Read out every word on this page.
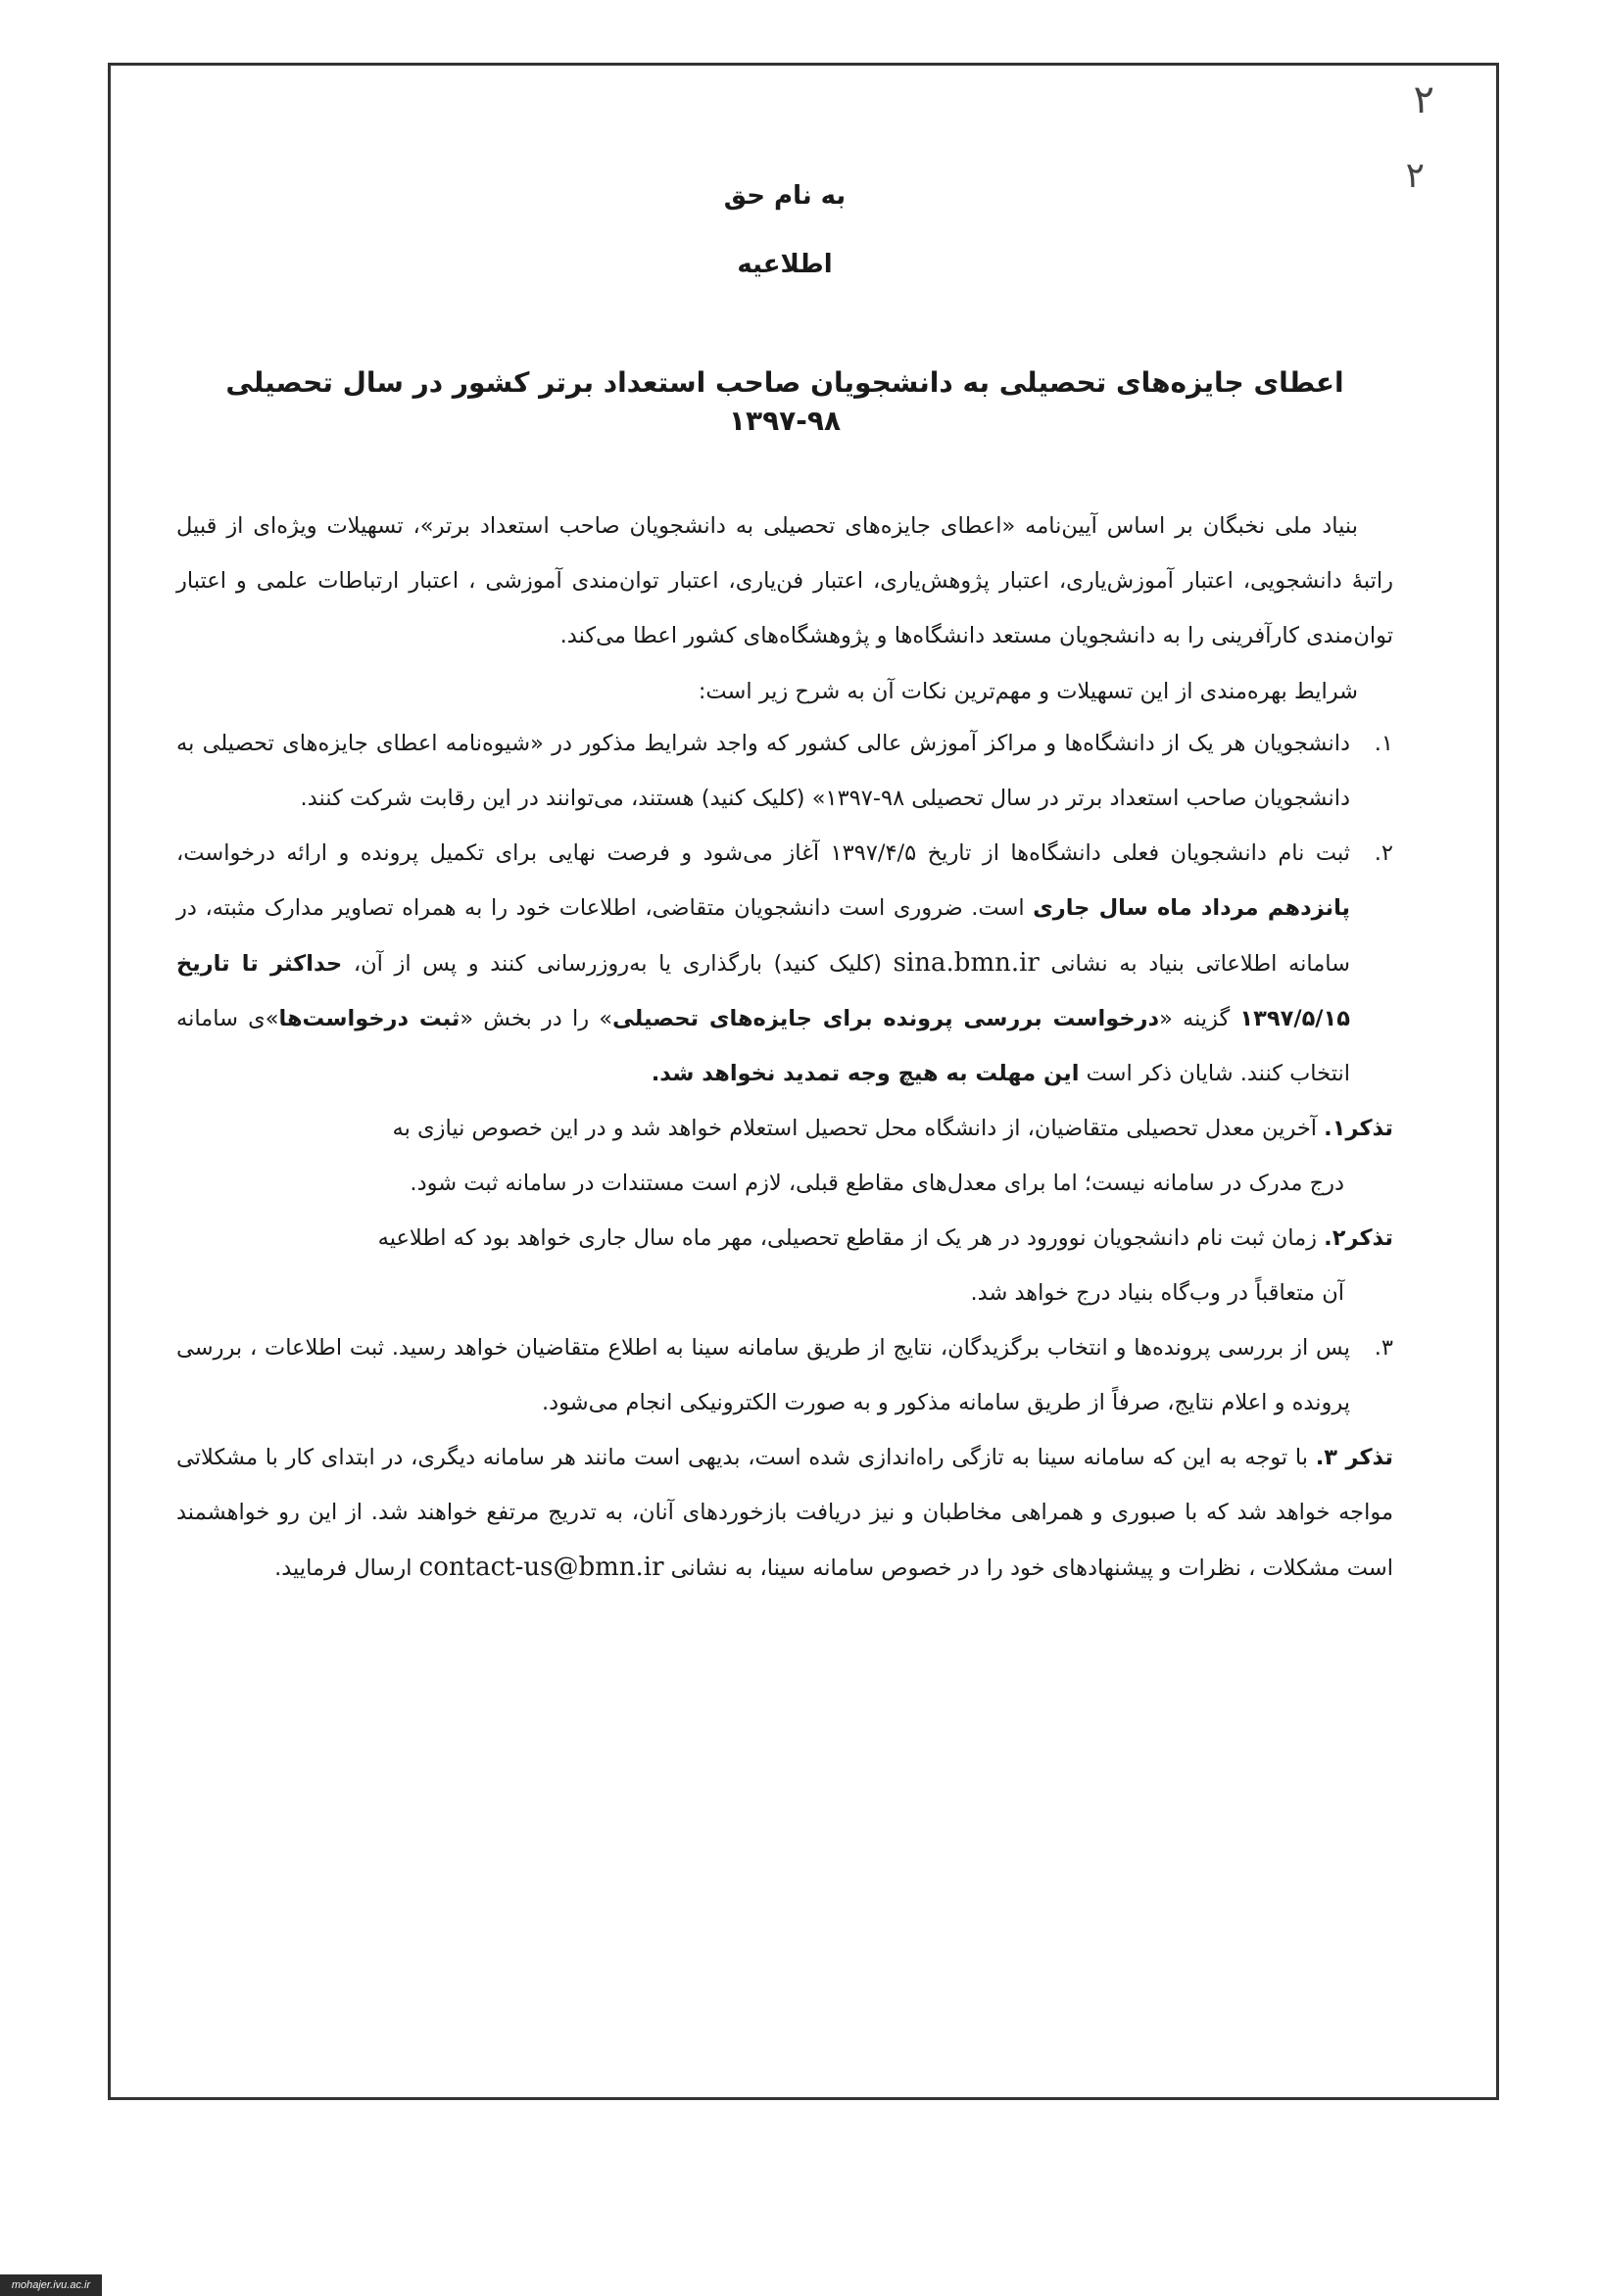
۲
۲

به نام حق

اطلاعیه

اعطای جایزه‌های تحصیلی به دانشجویان صاحب استعداد برتر کشور در سال تحصیلی ۹۸-۱۳۹۷

بنیاد ملی نخبگان بر اساس آیین‌نامه «اعطای جایزه‌های تحصیلی به دانشجویان صاحب استعداد برتر»، تسهیلات ویژه‌ای از قبیل راتبهٔ دانشجویی، اعتبار آموزش‌یاری، اعتبار پژوهش‌یاری، اعتبار فن‌یاری، اعتبار توان‌مندی آموزشی ، اعتبار ارتباطات علمی و اعتبار توان‌مندی کارآفرینی را به دانشجویان مستعد دانشگاه‌ها و پژوهشگاه‌های کشور اعطا می‌کند.

شرایط بهره‌مندی از این تسهیلات و مهم‌ترین نکات آن به شرح زیر است:

۱.
دانشجویان هر یک از دانشگاه‌ها و مراکز آموزش عالی کشور که واجد شرایط مذکور در «شیوه‌نامه اعطای جایزه‌های تحصیلی به دانشجویان صاحب استعداد برتر در سال تحصیلی ۹۸-۱۳۹۷» (کلیک کنید) هستند، می‌توانند در این رقابت شرکت کنند.
۲.
ثبت نام دانشجویان فعلی دانشگاه‌ها از تاریخ ۱۳۹۷/۴/۵ آغاز می‌شود و فرصت نهایی برای تکمیل پرونده و ارائه درخواست، پانزدهم مرداد ماه سال جاری است. ضروری است دانشجویان متقاضی، اطلاعات خود را به همراه تصاویر مدارک مثبته، در سامانه اطلاعاتی بنیاد به نشانی sina.bmn.ir (کلیک کنید) بارگذاری یا به‌روزرسانی کنند و پس از آن، حداکثر تا تاریخ ۱۳۹۷/۵/۱۵ گزینه «درخواست بررسی پرونده برای جایزه‌های تحصیلی» را در بخش «ثبت درخواست‌ها»ی سامانه انتخاب کنند. شایان ذکر است این مهلت به هیچ وجه تمدید نخواهد شد.

تذکر۱. آخرین معدل تحصیلی متقاضیان، از دانشگاه محل تحصیل استعلام خواهد شد و در این خصوص نیازی به
درج مدرک در سامانه نیست؛ اما برای معدل‌های مقاطع قبلی، لازم است مستندات در سامانه ثبت شود.

تذکر۲. زمان ثبت نام دانشجویان نوورود در هر یک از مقاطع تحصیلی، مهر ماه سال جاری خواهد بود که اطلاعیه
آن متعاقباً در وب‌گاه بنیاد درج خواهد شد.

۳.
پس از بررسی پرونده‌ها و انتخاب برگزیدگان، نتایج از طریق سامانه سینا به اطلاع متقاضیان خواهد رسید. ثبت اطلاعات ، بررسی پرونده و اعلام نتایج، صرفاً از طریق سامانه مذکور و به صورت الکترونیکی انجام می‌شود.

تذکر ۳. با توجه به این که سامانه سینا به تازگی راه‌اندازی شده است، بدیهی است مانند هر سامانه دیگری، در ابتدای کار با مشکلاتی مواجه خواهد شد که با صبوری و همراهی مخاطبان و نیز دریافت بازخوردهای آنان، به تدریج مرتفع خواهند شد. از این رو خواهشمند است مشکلات ، نظرات و پیشنهادهای خود را در خصوص سامانه سینا، به نشانی contact-us@bmn.ir ارسال فرمایید.

mohajer.ivu.ac.ir
